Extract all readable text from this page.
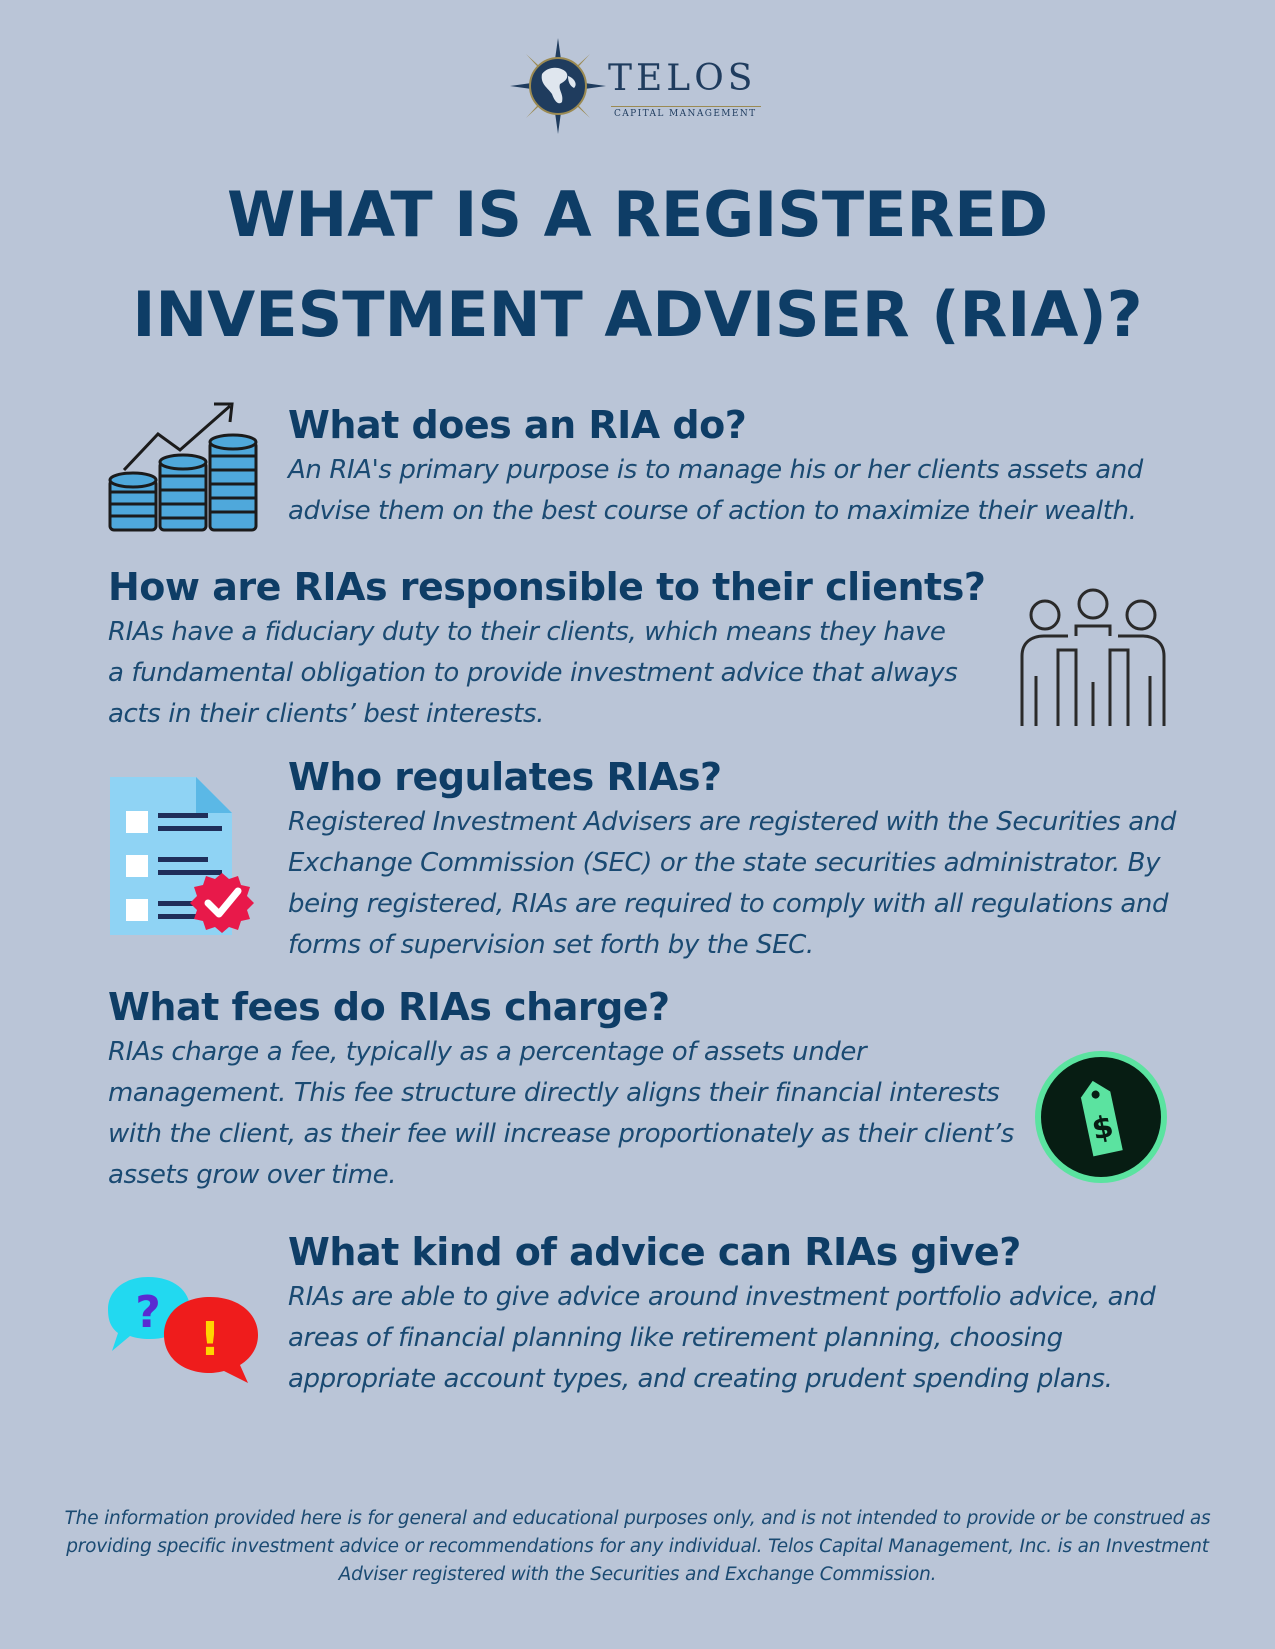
TELOS
CAPITAL MANAGEMENT
WHAT IS A REGISTERED
INVESTMENT ADVISER (RIA)?
What does an RIA do?

An RIA's primary purpose is to manage his or her clients assets and advise them on the best course of action to maximize their wealth.

How are RIAs responsible to their clients?

RIAs have a fiduciary duty to their clients, which means they have a fundamental obligation to provide investment advice that always acts in their clients’ best interests.

Who regulates RIAs?

Registered Investment Advisers are registered with the Securities and Exchange Commission (SEC) or the state securities administrator. By being registered, RIAs are required to comply with all regulations and forms of supervision set forth by the SEC.

What fees do RIAs charge?

RIAs charge a fee, typically as a percentage of assets under management. This fee structure directly aligns their financial interests with the client, as their fee will increase proportionately as their client’s assets grow over time.

$
? !
What kind of advice can RIAs give?

RIAs are able to give advice around investment portfolio advice, and areas of financial planning like retirement planning, choosing appropriate account types, and creating prudent spending plans.

The information provided here is for general and educational purposes only, and is not intended to provide or be construed as providing specific investment advice or recommendations for any individual. Telos Capital Management, Inc. is an Investment Adviser registered with the Securities and Exchange Commission.
